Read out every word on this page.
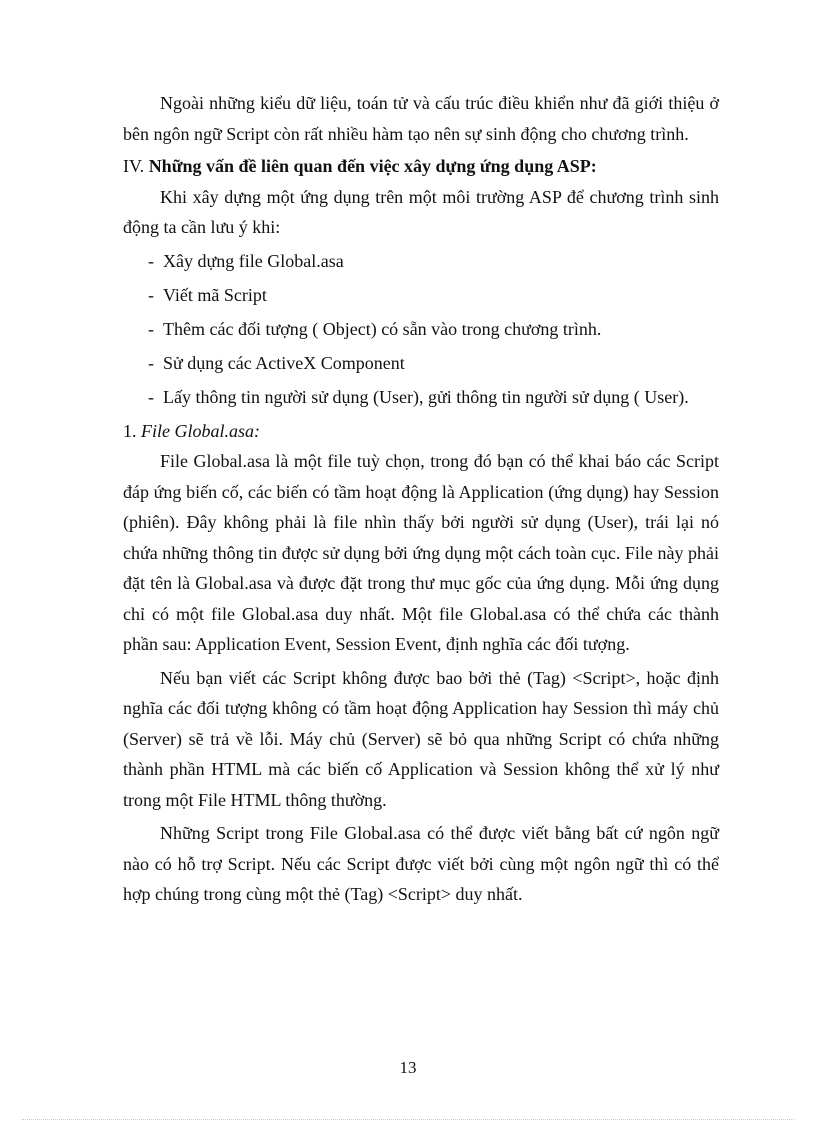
Ngoài những kiểu dữ liệu, toán tử và cấu trúc điều khiển như đã giới thiệu ở bên ngôn ngữ Script còn rất nhiều hàm tạo nên sự sinh động cho chương trình.

IV. Những vấn đề liên quan đến việc xây dựng ứng dụng ASP:

Khi xây dựng một ứng dụng trên một môi trường ASP để chương trình sinh động ta cần lưu ý khi:

- Xây dựng file Global.asa
- Viết mã Script
- Thêm các đối tượng ( Object) có sẵn vào trong chương trình.
- Sử dụng các ActiveX Component
- Lấy thông tin người sử dụng (User), gửi thông tin người sử dụng ( User).

1. File Global.asa:

File Global.asa là một file tuỳ chọn, trong đó bạn có thể khai báo các Script đáp ứng biến cố, các biến có tầm hoạt động là Application (ứng dụng) hay Session (phiên). Đây không phải là file nhìn thấy bởi người sử dụng (User), trái lại nó chứa những thông tin được sử dụng bởi ứng dụng một cách toàn cục. File này phải đặt tên là Global.asa và được đặt trong thư mục gốc của ứng dụng. Mỗi ứng dụng chỉ có một file Global.asa duy nhất. Một file Global.asa có thể chứa các thành phần sau: Application Event, Session Event, định nghĩa các đối tượng.

Nếu bạn viết các Script không được bao bởi thẻ (Tag) <Script>, hoặc định nghĩa các đối tượng không có tầm hoạt động Application hay Session thì máy chủ (Server) sẽ trả về lỗi. Máy chủ (Server) sẽ bỏ qua những Script có chứa những thành phần HTML mà các biến cố Application và Session không thể xử lý như trong một File HTML thông thường.

Những Script trong File Global.asa có thể được viết bằng bất cứ ngôn ngữ nào có hỗ trợ Script. Nếu các Script được viết bởi cùng một ngôn ngữ thì có thể hợp chúng trong cùng một thẻ (Tag) <Script> duy nhất.

13
